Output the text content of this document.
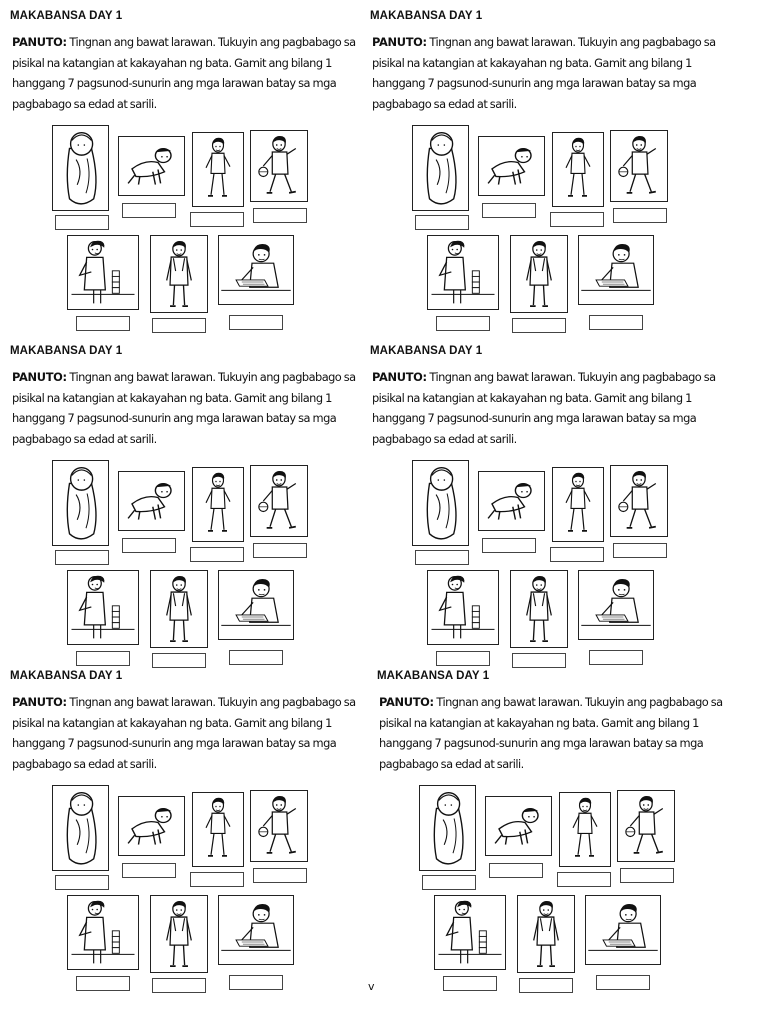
MAKABANSA DAY 1
PANUTO: Tingnan ang bawat larawan. Tukuyin ang pagbabago sa pisikal na katangian at kakayahan ng bata. Gamit ang bilang 1 hanggang 7 pagsunod-sunurin ang mga larawan batay sa mga pagbabago sa edad at sarili.
MAKABANSA DAY 1
PANUTO: Tingnan ang bawat larawan. Tukuyin ang pagbabago sa pisikal na katangian at kakayahan ng bata. Gamit ang bilang 1 hanggang 7 pagsunod-sunurin ang mga larawan batay sa mga pagbabago sa edad at sarili.
MAKABANSA DAY 1
PANUTO: Tingnan ang bawat larawan. Tukuyin ang pagbabago sa pisikal na katangian at kakayahan ng bata. Gamit ang bilang 1 hanggang 7 pagsunod-sunurin ang mga larawan batay sa mga pagbabago sa edad at sarili.
MAKABANSA DAY 1
PANUTO: Tingnan ang bawat larawan. Tukuyin ang pagbabago sa pisikal na katangian at kakayahan ng bata. Gamit ang bilang 1 hanggang 7 pagsunod-sunurin ang mga larawan batay sa mga pagbabago sa edad at sarili.
MAKABANSA DAY 1
PANUTO: Tingnan ang bawat larawan. Tukuyin ang pagbabago sa pisikal na katangian at kakayahan ng bata. Gamit ang bilang 1 hanggang 7 pagsunod-sunurin ang mga larawan batay sa mga pagbabago sa edad at sarili.
MAKABANSA DAY 1
PANUTO: Tingnan ang bawat larawan. Tukuyin ang pagbabago sa pisikal na katangian at kakayahan ng bata. Gamit ang bilang 1 hanggang 7 pagsunod-sunurin ang mga larawan batay sa mga pagbabago sa edad at sarili.
v
